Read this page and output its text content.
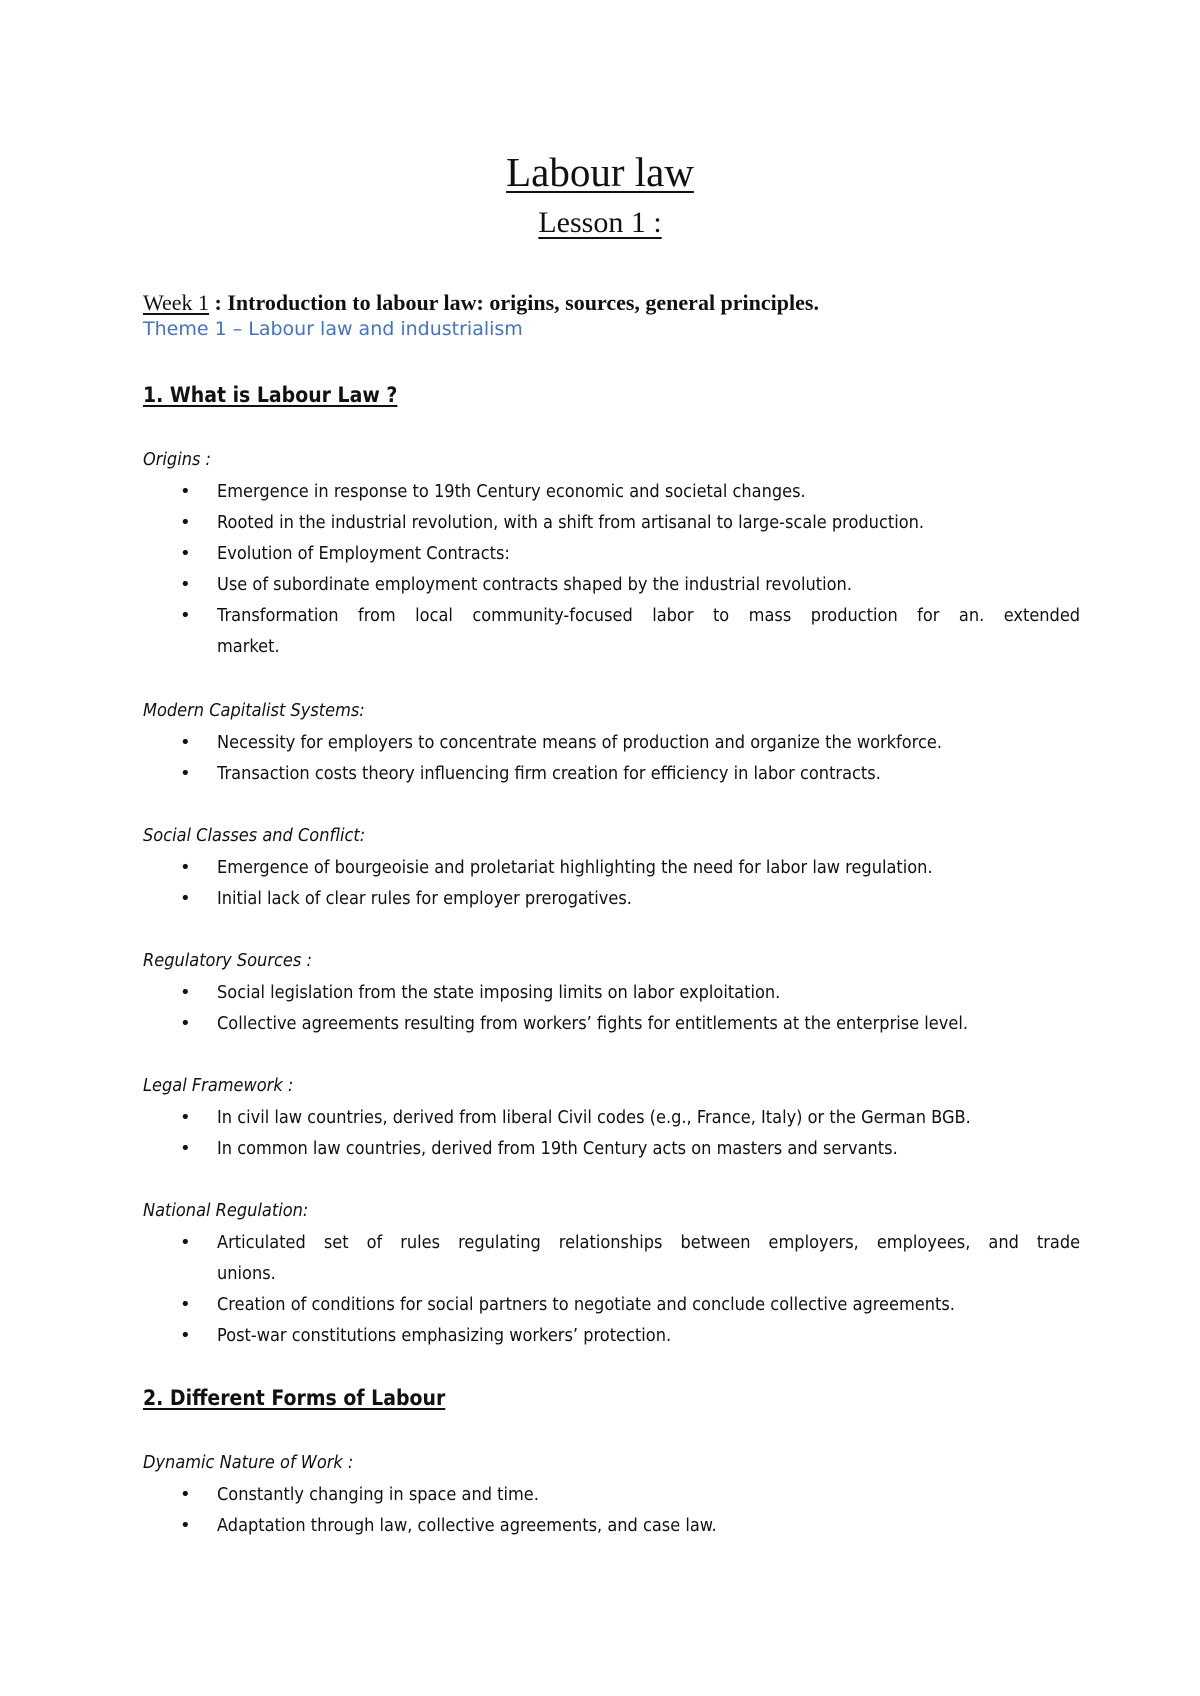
Labour law
Lesson 1 :
Week 1 : Introduction to labour law: origins, sources, general principles.
Theme 1 – Labour law and industrialism
1. What is Labour Law ?
Origins :
• Emergence in response to 19th Century economic and societal changes.
• Rooted in the industrial revolution, with a shift from artisanal to large-scale production.
• Evolution of Employment Contracts:
• Use of subordinate employment contracts shaped by the industrial revolution.
• Transformation from local community-focused labor to mass production for an. extended
market.
Modern Capitalist Systems:
• Necessity for employers to concentrate means of production and organize the workforce.
• Transaction costs theory influencing firm creation for efficiency in labor contracts.
Social Classes and Conflict:
• Emergence of bourgeoisie and proletariat highlighting the need for labor law regulation.
• Initial lack of clear rules for employer prerogatives.
Regulatory Sources :
• Social legislation from the state imposing limits on labor exploitation.
• Collective agreements resulting from workers’ fights for entitlements at the enterprise level.
Legal Framework :
• In civil law countries, derived from liberal Civil codes (e.g., France, Italy) or the German BGB.
• In common law countries, derived from 19th Century acts on masters and servants.
National Regulation:
• Articulated set of rules regulating relationships between employers, employees, and trade
unions.
• Creation of conditions for social partners to negotiate and conclude collective agreements.
• Post-war constitutions emphasizing workers’ protection.
2. Different Forms of Labour
Dynamic Nature of Work :
• Constantly changing in space and time.
• Adaptation through law, collective agreements, and case law.
